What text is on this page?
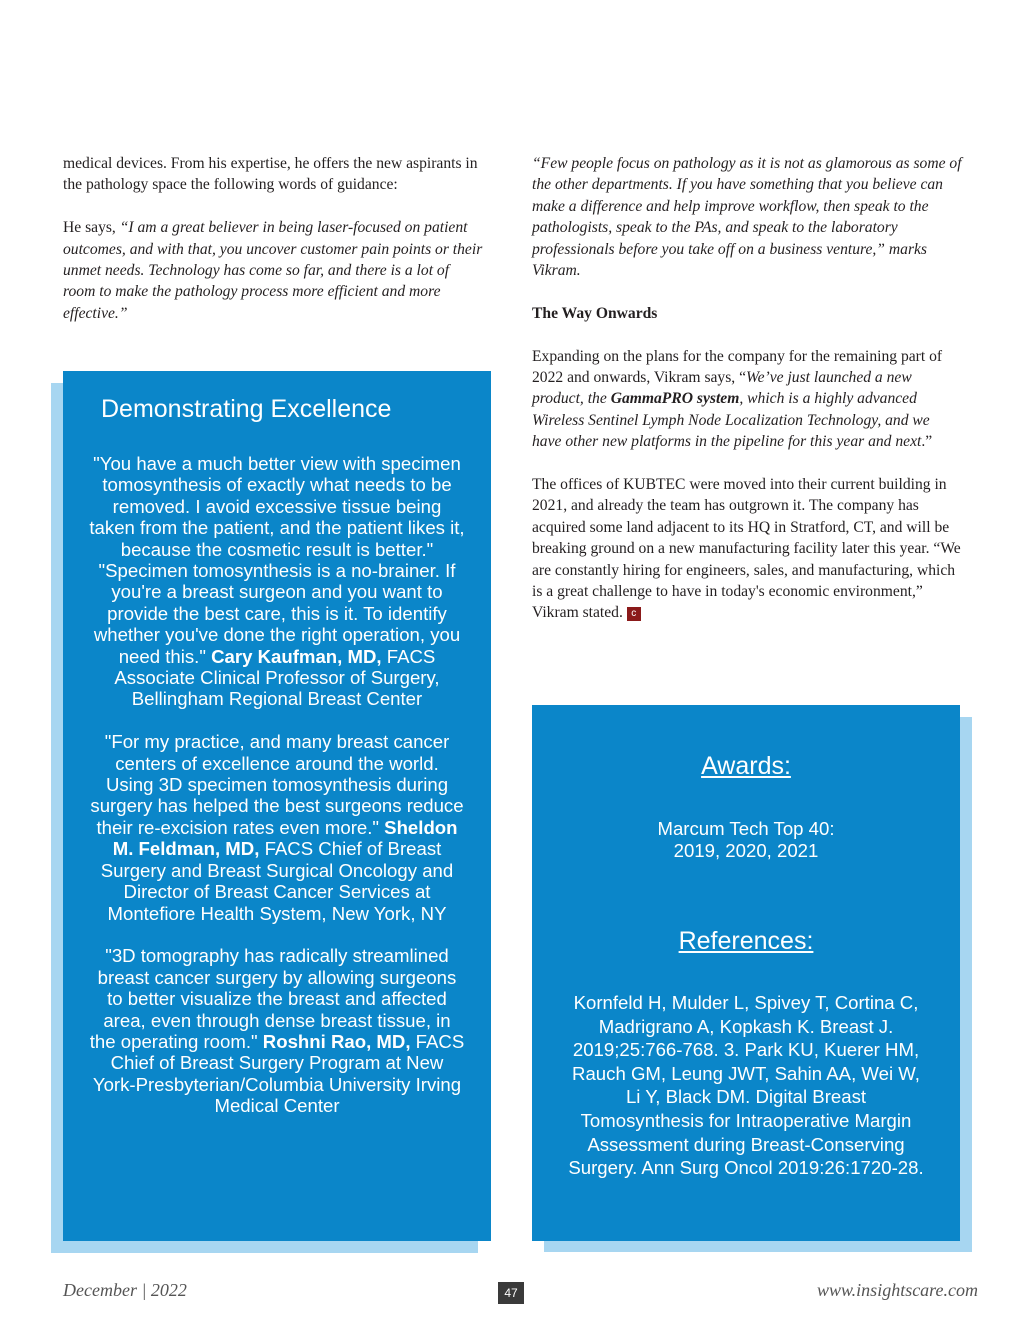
medical devices. From his expertise, he offers the new aspirants in the pathology space the following words of guidance:

He says, “I am a great believer in being laser-focused on patient outcomes, and with that, you uncover customer pain points or their unmet needs. Technology has come so far, and there is a lot of room to make the pathology process more efficient and more effective.”

“Few people focus on pathology as it is not as glamorous as some of the other departments. If you have something that you believe can make a difference and help improve workflow, then speak to the pathologists, speak to the PAs, and speak to the laboratory professionals before you take off on a business venture,” marks Vikram.

The Way Onwards

Expanding on the plans for the company for the remaining part of 2022 and onwards, Vikram says, “We’ve just launched a new product, the GammaPRO system, which is a highly advanced Wireless Sentinel Lymph Node Localization Technology, and we have other new platforms in the pipeline for this year and next.”

The offices of KUBTEC were moved into their current building in 2021, and already the team has outgrown it. The company has acquired some land adjacent to its HQ in Stratford, CT, and will be breaking ground on a new manufacturing facility later this year. “We are constantly hiring for engineers, sales, and manufacturing, which is a great challenge to have in today's economic environment,” Vikram stated. c

Demonstrating Excellence

"You have a much better view with specimen tomosynthesis of exactly what needs to be removed. I avoid excessive tissue being taken from the patient, and the patient likes it, because the cosmetic result is better." "Specimen tomosynthesis is a no-brainer. If you're a breast surgeon and you want to provide the best care, this is it. To identify whether you've done the right operation, you need this." Cary Kaufman, MD, FACS Associate Clinical Professor of Surgery, Bellingham Regional Breast Center

"For my practice, and many breast cancer centers of excellence around the world. Using 3D specimen tomosynthesis during surgery has helped the best surgeons reduce their re-excision rates even more." Sheldon M. Feldman, MD, FACS Chief of Breast Surgery and Breast Surgical Oncology and Director of Breast Cancer Services at Montefiore Health System, New York, NY

"3D tomography has radically streamlined breast cancer surgery by allowing surgeons to better visualize the breast and affected area, even through dense breast tissue, in the operating room." Roshni Rao, MD, FACS Chief of Breast Surgery Program at New York-Presbyterian/Columbia University Irving Medical Center

Awards:
Marcum Tech Top 40:
2019, 2020, 2021
References:
Kornfeld H, Mulder L, Spivey T, Cortina C, Madrigrano A, Kopkash K. Breast J. 2019;25:766-768. 3. Park KU, Kuerer HM, Rauch GM, Leung JWT, Sahin AA, Wei W, Li Y, Black DM. Digital Breast Tomosynthesis for Intraoperative Margin Assessment during Breast-Conserving Surgery. Ann Surg Oncol 2019:26:1720-28.
December | 2022	47	www.insightscare.com
